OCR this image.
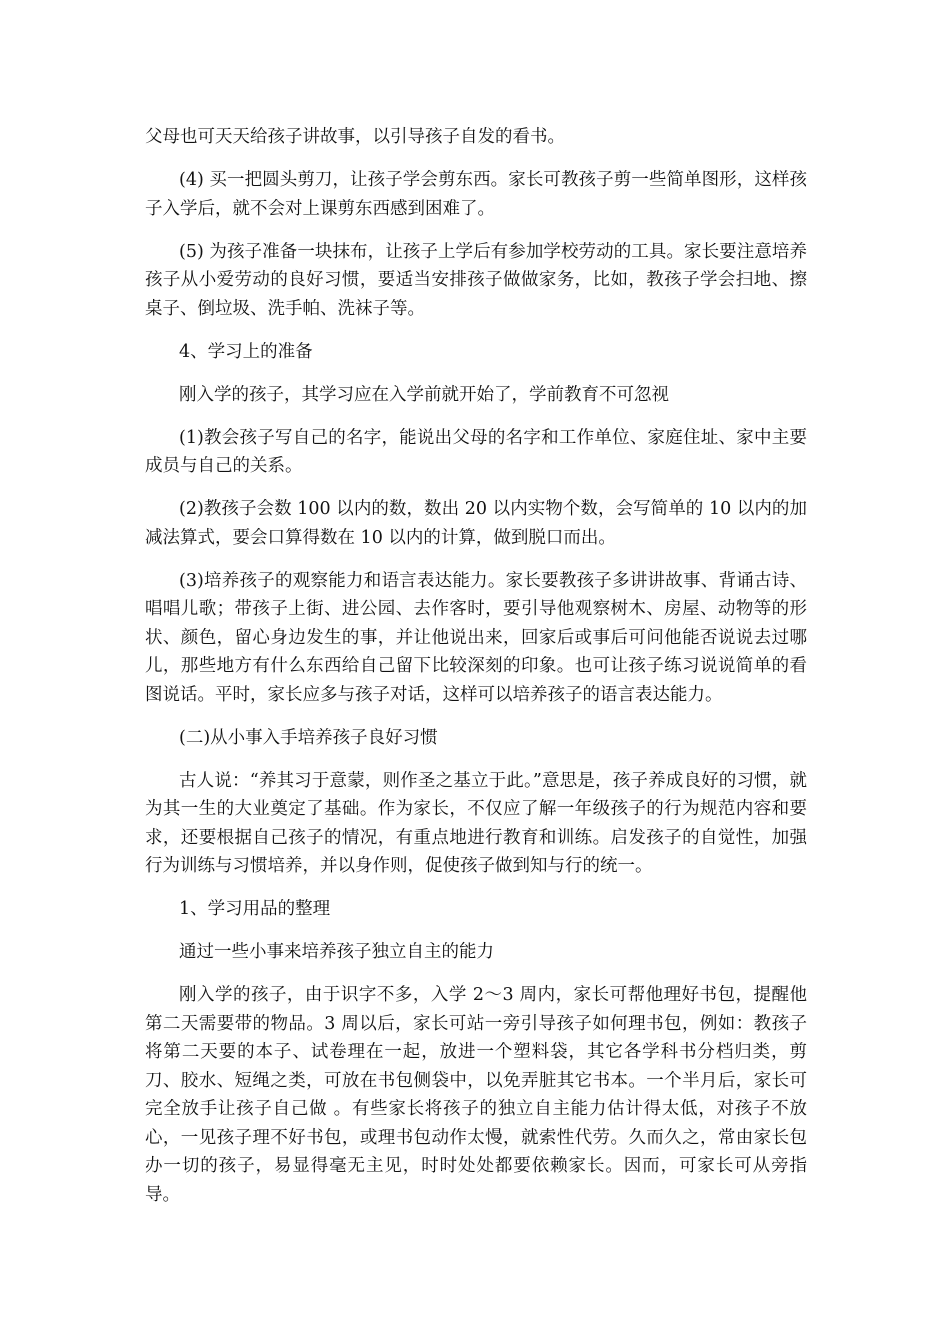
父母也可天天给孩子讲故事，以引导孩子自发的看书。

(4) 买一把圆头剪刀，让孩子学会剪东西。家长可教孩子剪一些简单图形，这样孩子入学后，就不会对上课剪东西感到困难了。

(5) 为孩子准备一块抹布，让孩子上学后有参加学校劳动的工具。家长要注意培养孩子从小爱劳动的良好习惯，要适当安排孩子做做家务，比如，教孩子学会扫地、擦桌子、倒垃圾、洗手帕、洗袜子等。

4、学习上的准备

刚入学的孩子，其学习应在入学前就开始了，学前教育不可忽视

(1)教会孩子写自己的名字，能说出父母的名字和工作单位、家庭住址、家中主要成员与自己的关系。

(2)教孩子会数 100 以内的数，数出 20 以内实物个数，会写简单的 10 以内的加减法算式，要会口算得数在 10 以内的计算，做到脱口而出。

(3)培养孩子的观察能力和语言表达能力。家长要教孩子多讲讲故事、背诵古诗、唱唱儿歌；带孩子上街、进公园、去作客时，要引导他观察树木、房屋、动物等的形状、颜色，留心身边发生的事，并让他说出来，回家后或事后可问他能否说说去过哪儿，那些地方有什么东西给自己留下比较深刻的印象。也可让孩子练习说说简单的看图说话。平时，家长应多与孩子对话，这样可以培养孩子的语言表达能力。

(二)从小事入手培养孩子良好习惯

古人说：“养其习于意蒙，则作圣之基立于此。”意思是，孩子养成良好的习惯，就为其一生的大业奠定了基础。作为家长，不仅应了解一年级孩子的行为规范内容和要求，还要根据自己孩子的情况，有重点地进行教育和训练。启发孩子的自觉性，加强行为训练与习惯培养，并以身作则，促使孩子做到知与行的统一。

1、学习用品的整理

通过一些小事来培养孩子独立自主的能力

刚入学的孩子，由于识字不多，入学 2～3 周内，家长可帮他理好书包，提醒他第二天需要带的物品。3 周以后，家长可站一旁引导孩子如何理书包，例如：教孩子将第二天要的本子、试卷理在一起，放进一个塑料袋，其它各学科书分档归类，剪刀、胶水、短绳之类，可放在书包侧袋中，以免弄脏其它书本。一个半月后，家长可完全放手让孩子自己做 。有些家长将孩子的独立自主能力估计得太低，对孩子不放心，一见孩子理不好书包，或理书包动作太慢，就索性代劳。久而久之，常由家长包办一切的孩子，易显得毫无主见，时时处处都要依赖家长。因而，可家长可从旁指导。
